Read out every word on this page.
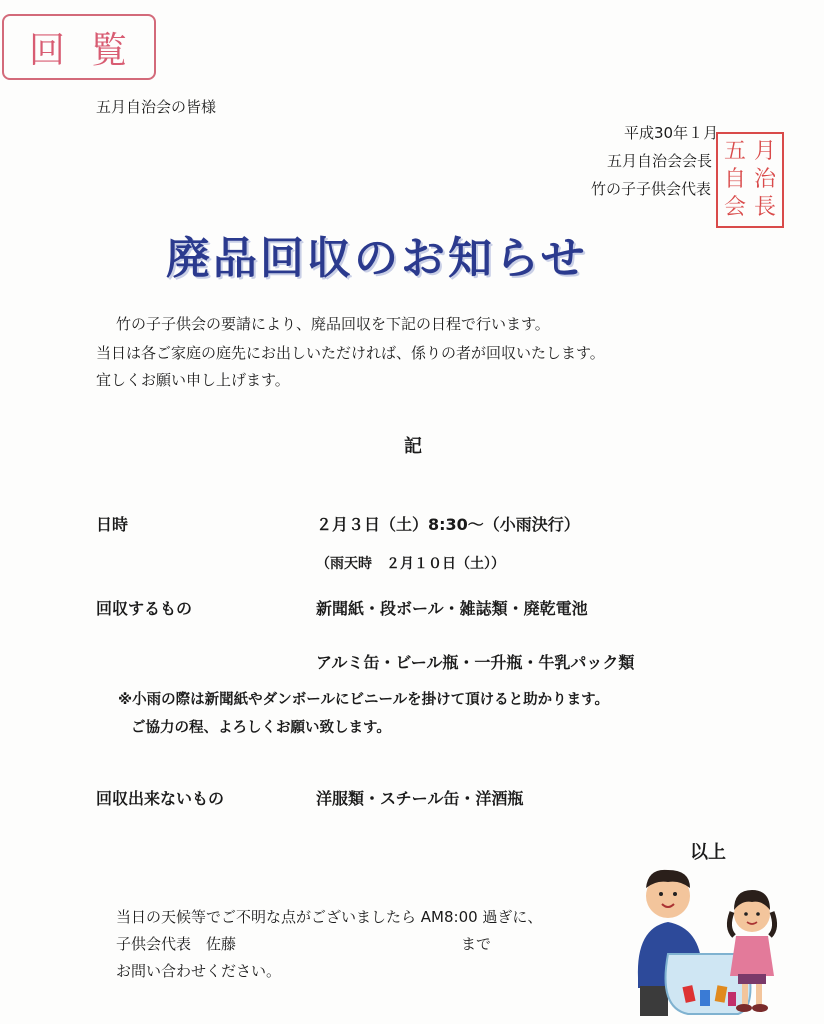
回 覧
五月自治会の皆様
平成30年１月
五月自治会会長
竹の子子供会代表
五 月
自 治
会 長
廃品回収のお知らせ
竹の子子供会の要請により、廃品回収を下記の日程で行います。
当日は各ご家庭の庭先にお出しいただければ、係りの者が回収いたします。
宜しくお願い申し上げます。
記
日時	２月３日（土）8:30～（小雨決行）
（雨天時　２月１０日（土））
回収するもの	新聞紙・段ボール・雑誌類・廃乾電池
アルミ缶・ビール瓶・一升瓶・牛乳パック類
※小雨の際は新聞紙やダンボールにビニールを掛けて頂けると助かります。
ご協力の程、よろしくお願い致します。
回収出来ないもの	洋服類・スチール缶・洋酒瓶
以上
当日の天候等でご不明な点がございましたら AM8:00 過ぎに、
子供会代表　佐藤	まで
お問い合わせください。
